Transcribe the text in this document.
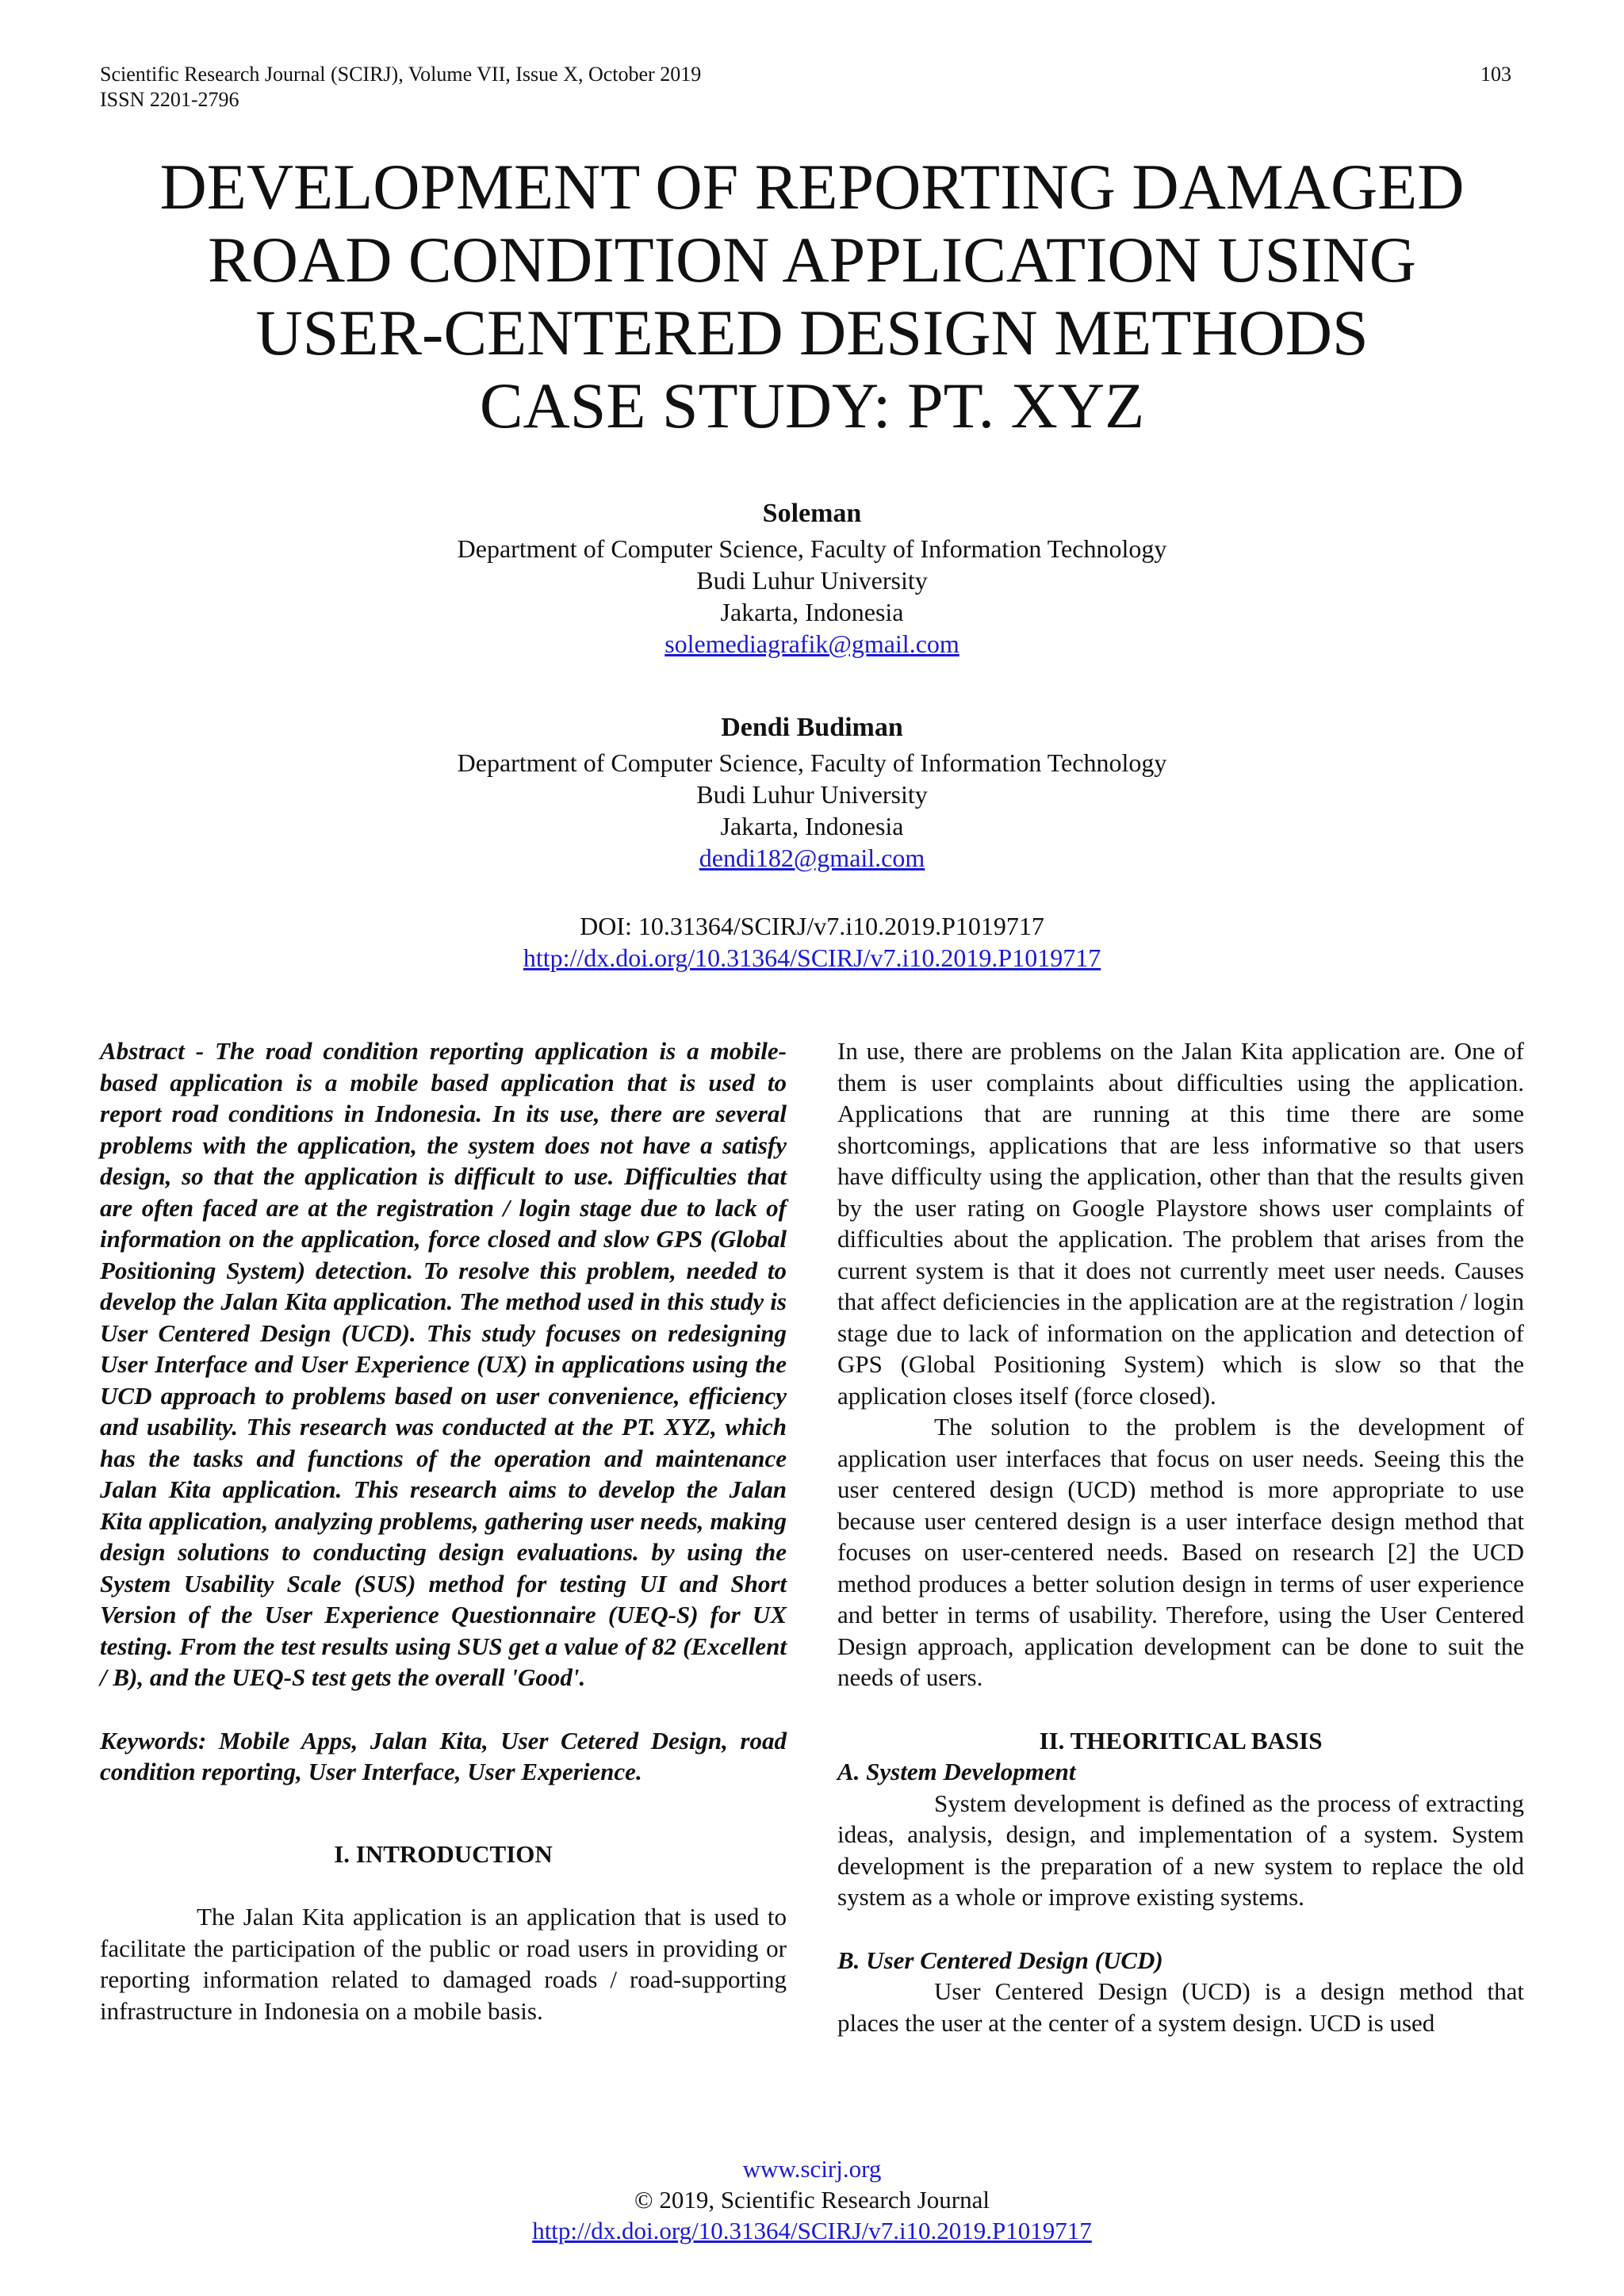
Scientific Research Journal (SCIRJ), Volume VII, Issue X, October 2019
ISSN 2201-2796
103
DEVELOPMENT OF REPORTING DAMAGED
ROAD CONDITION APPLICATION USING
USER-CENTERED DESIGN METHODS
CASE STUDY: PT. XYZ
Soleman
Department of Computer Science, Faculty of Information Technology
Budi Luhur University
Jakarta, Indonesia
solemediagrafik@gmail.com
Dendi Budiman
Department of Computer Science, Faculty of Information Technology
Budi Luhur University
Jakarta, Indonesia
dendi182@gmail.com
DOI: 10.31364/SCIRJ/v7.i10.2019.P1019717
http://dx.doi.org/10.31364/SCIRJ/v7.i10.2019.P1019717

Abstract - The road condition reporting application is a mobile-based application is a mobile based application that is used to report road conditions in Indonesia. In its use, there are several problems with the application, the system does not have a satisfy design, so that the application is difficult to use. Difficulties that are often faced are at the registration / login stage due to lack of information on the application, force closed and slow GPS (Global Positioning System) detection. To resolve this problem, needed to develop the Jalan Kita application. The method used in this study is User Centered Design (UCD). This study focuses on redesigning User Interface and User Experience (UX) in applications using the UCD approach to problems based on user convenience, efficiency and usability. This research was conducted at the PT. XYZ, which has the tasks and functions of the operation and maintenance Jalan Kita application. This research aims to develop the Jalan Kita application, analyzing problems, gathering user needs, making design solutions to conducting design evaluations. by using the System Usability Scale (SUS) method for testing UI and Short Version of the User Experience Questionnaire (UEQ-S) for UX testing. From the test results using SUS get a value of 82 (Excellent / B), and the UEQ-S test gets the overall 'Good'.

Keywords: Mobile Apps, Jalan Kita, User Cetered Design, road condition reporting, User Interface, User Experience.

I. INTRODUCTION

The Jalan Kita application is an application that is used to facilitate the participation of the public or road users in providing or reporting information related to damaged roads / road-supporting infrastructure in Indonesia on a mobile basis.

In use, there are problems on the Jalan Kita application are. One of them is user complaints about difficulties using the application. Applications that are running at this time there are some shortcomings, applications that are less informative so that users have difficulty using the application, other than that the results given by the user rating on Google Playstore shows user complaints of difficulties about the application. The problem that arises from the current system is that it does not currently meet user needs. Causes that affect deficiencies in the application are at the registration / login stage due to lack of information on the application and detection of GPS (Global Positioning System) which is slow so that the application closes itself (force closed).

The solution to the problem is the development of application user interfaces that focus on user needs. Seeing this the user centered design (UCD) method is more appropriate to use because user centered design is a user interface design method that focuses on user-centered needs. Based on research [2] the UCD method produces a better solution design in terms of user experience and better in terms of usability. Therefore, using the User Centered Design approach, application development can be done to suit the needs of users.

II. THEORITICAL BASIS

A. System Development

System development is defined as the process of extracting ideas, analysis, design, and implementation of a system. System development is the preparation of a new system to replace the old system as a whole or improve existing systems.

B. User Centered Design (UCD)

User Centered Design (UCD) is a design method that places the user at the center of a system design. UCD is used

www.scirj.org
© 2019, Scientific Research Journal
http://dx.doi.org/10.31364/SCIRJ/v7.i10.2019.P1019717
